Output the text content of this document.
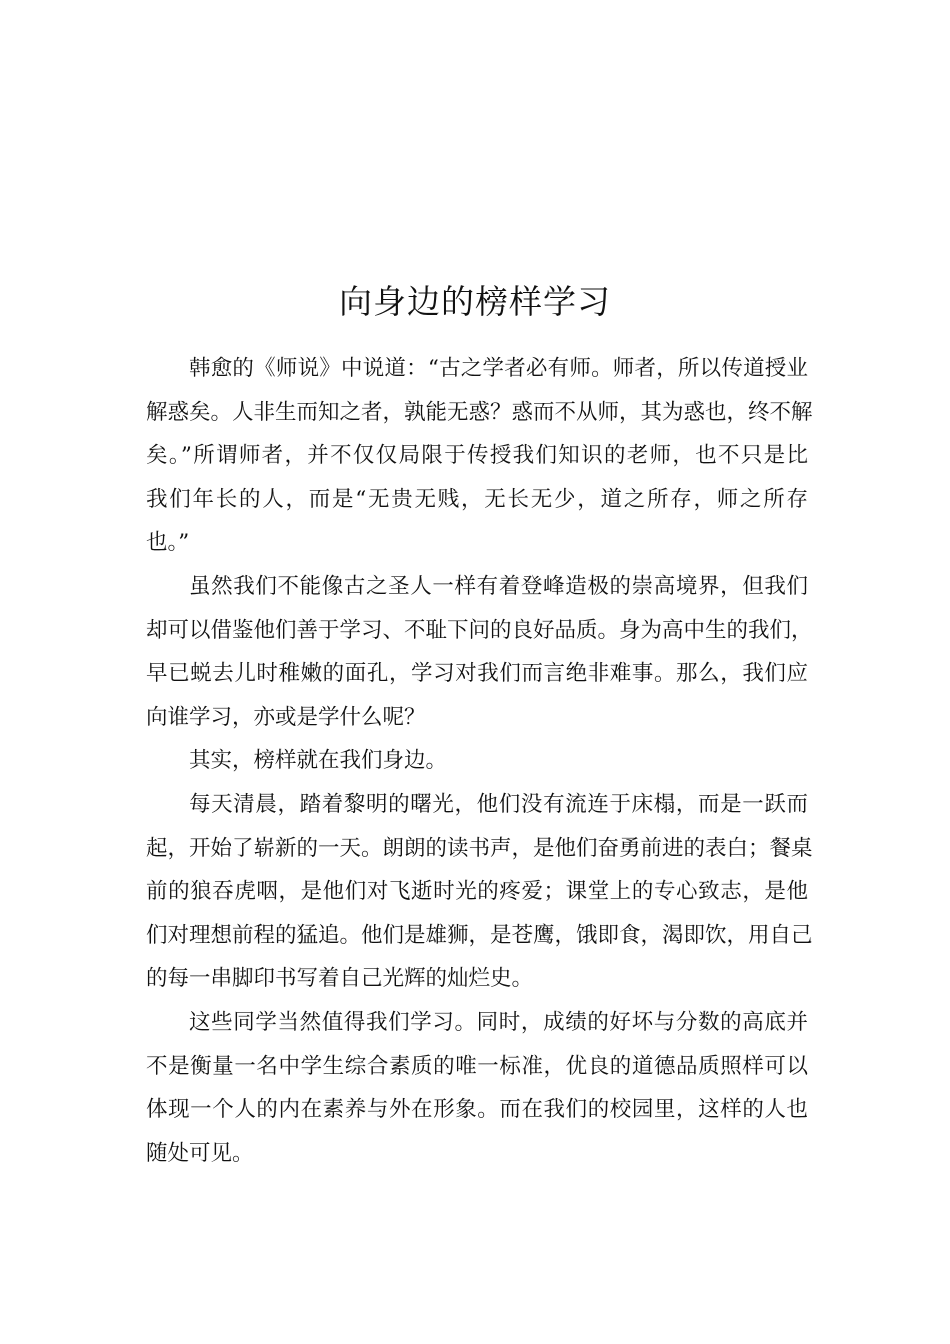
向身边的榜样学习
韩愈的《师说》中说道：“古之学者必有师。师者，所以传道授业
解惑矣。人非生而知之者，孰能无惑？惑而不从师，其为惑也，终不解
矣。”所谓师者，并不仅仅局限于传授我们知识的老师，也不只是比
我们年长的人，而是“无贵无贱，无长无少，道之所存，师之所存
也。”
虽然我们不能像古之圣人一样有着登峰造极的崇高境界，但我们
却可以借鉴他们善于学习、不耻下问的良好品质。身为高中生的我们，
早已蜕去儿时稚嫩的面孔，学习对我们而言绝非难事。那么，我们应
向谁学习，亦或是学什么呢？
其实，榜样就在我们身边。
每天清晨，踏着黎明的曙光，他们没有流连于床榻，而是一跃而
起，开始了崭新的一天。朗朗的读书声，是他们奋勇前进的表白；餐桌
前的狼吞虎咽，是他们对飞逝时光的疼爱；课堂上的专心致志，是他
们对理想前程的猛追。他们是雄狮，是苍鹰，饿即食，渴即饮，用自己
的每一串脚印书写着自己光辉的灿烂史。
这些同学当然值得我们学习。同时，成绩的好坏与分数的高底并
不是衡量一名中学生综合素质的唯一标准，优良的道德品质照样可以
体现一个人的内在素养与外在形象。而在我们的校园里，这样的人也
随处可见。
